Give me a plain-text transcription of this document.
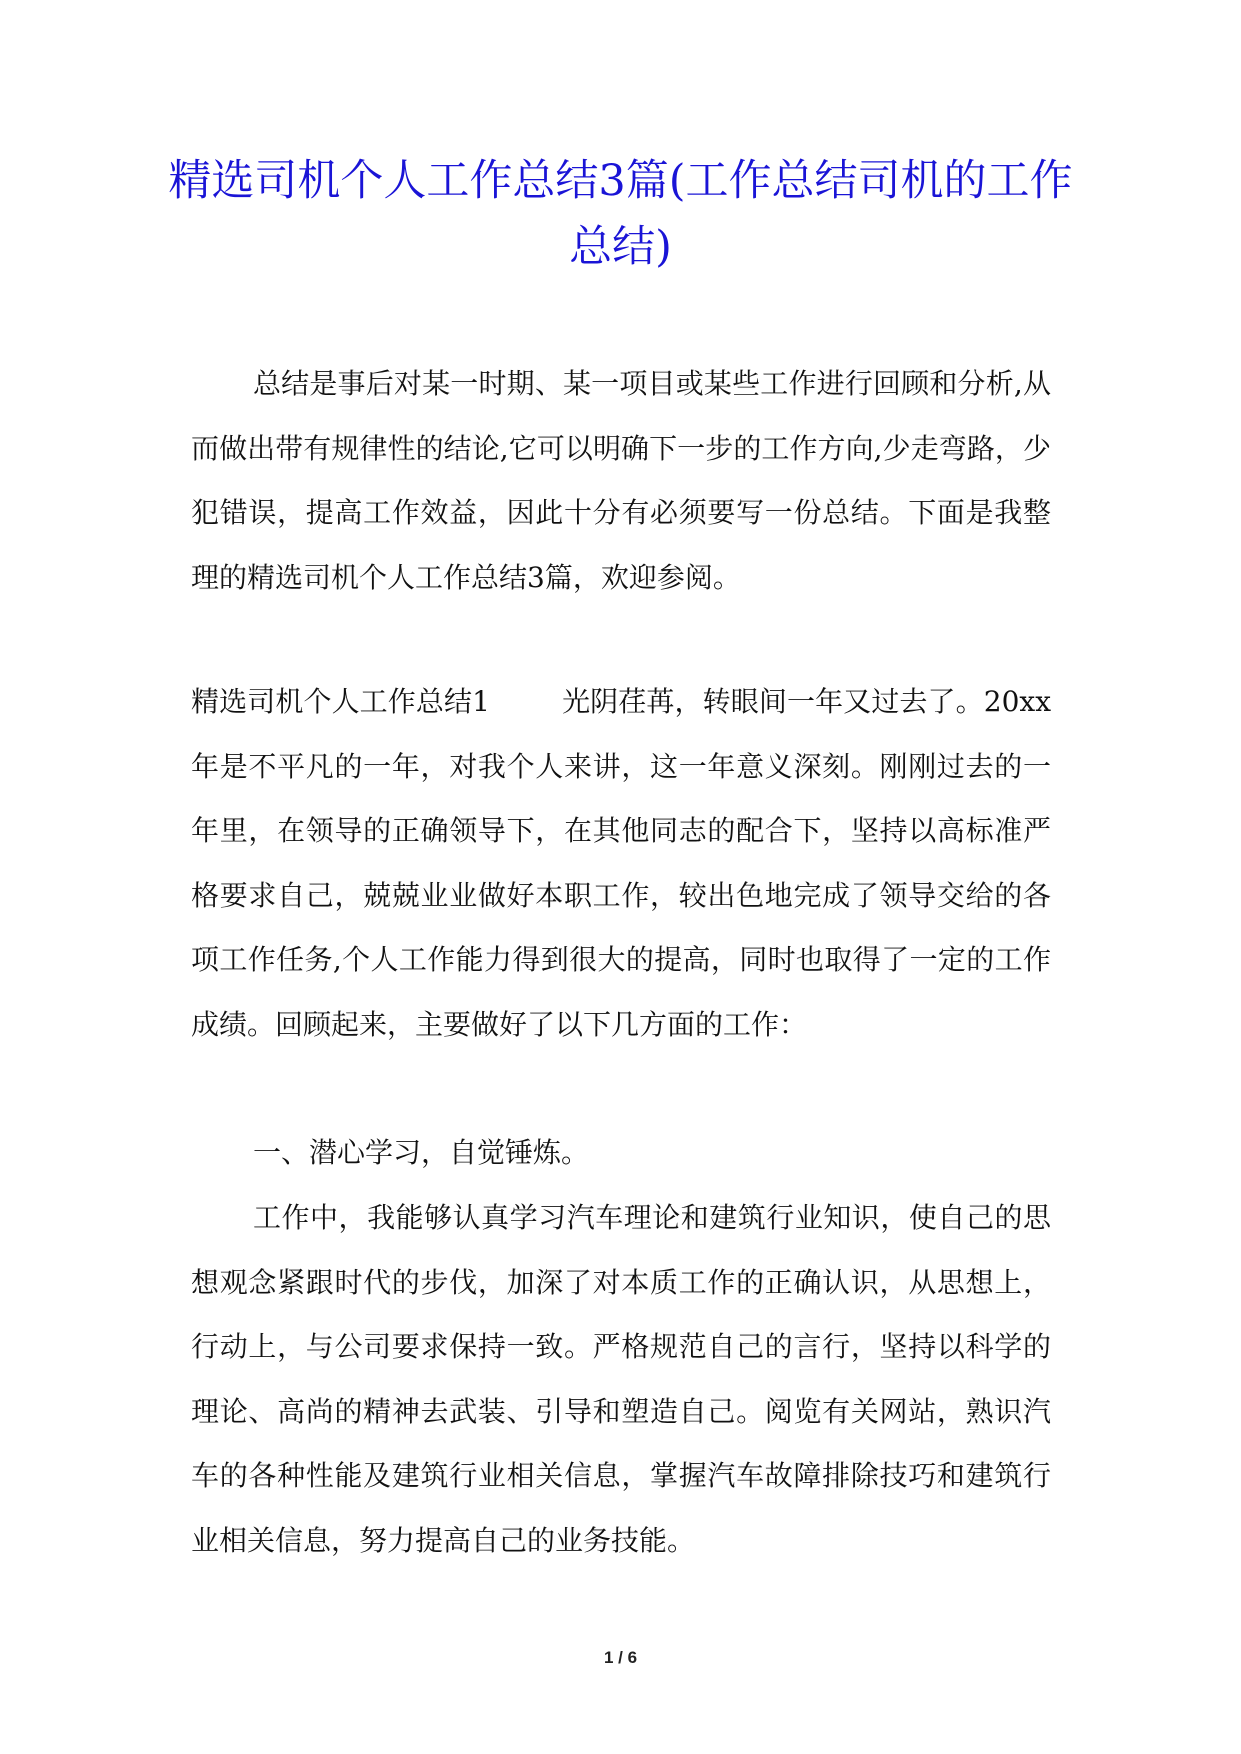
精选司机个人工作总结3篇(工作总结司机的工作总结)

总结是事后对某一时期、某一项目或某些工作进行回顾和分析,从而做出带有规律性的结论,它可以明确下一步的工作方向,少走弯路，少犯错误，提高工作效益，因此十分有必须要写一份总结。下面是我整理的精选司机个人工作总结3篇，欢迎参阅。

精选司机个人工作总结1	光阴荏苒，转眼间一年又过去了。20xx年是不平凡的一年，对我个人来讲，这一年意义深刻。刚刚过去的一年里，在领导的正确领导下，在其他同志的配合下，坚持以高标准严格要求自己，兢兢业业做好本职工作，较出色地完成了领导交给的各项工作任务,个人工作能力得到很大的提高，同时也取得了一定的工作成绩。回顾起来，主要做好了以下几方面的工作：

一、潜心学习，自觉锤炼。

工作中，我能够认真学习汽车理论和建筑行业知识，使自己的思想观念紧跟时代的步伐，加深了对本质工作的正确认识，从思想上，行动上，与公司要求保持一致。严格规范自己的言行，坚持以科学的理论、高尚的精神去武装、引导和塑造自己。阅览有关网站，熟识汽车的各种性能及建筑行业相关信息，掌握汽车故障排除技巧和建筑行业相关信息，努力提高自己的业务技能。

1 / 6
